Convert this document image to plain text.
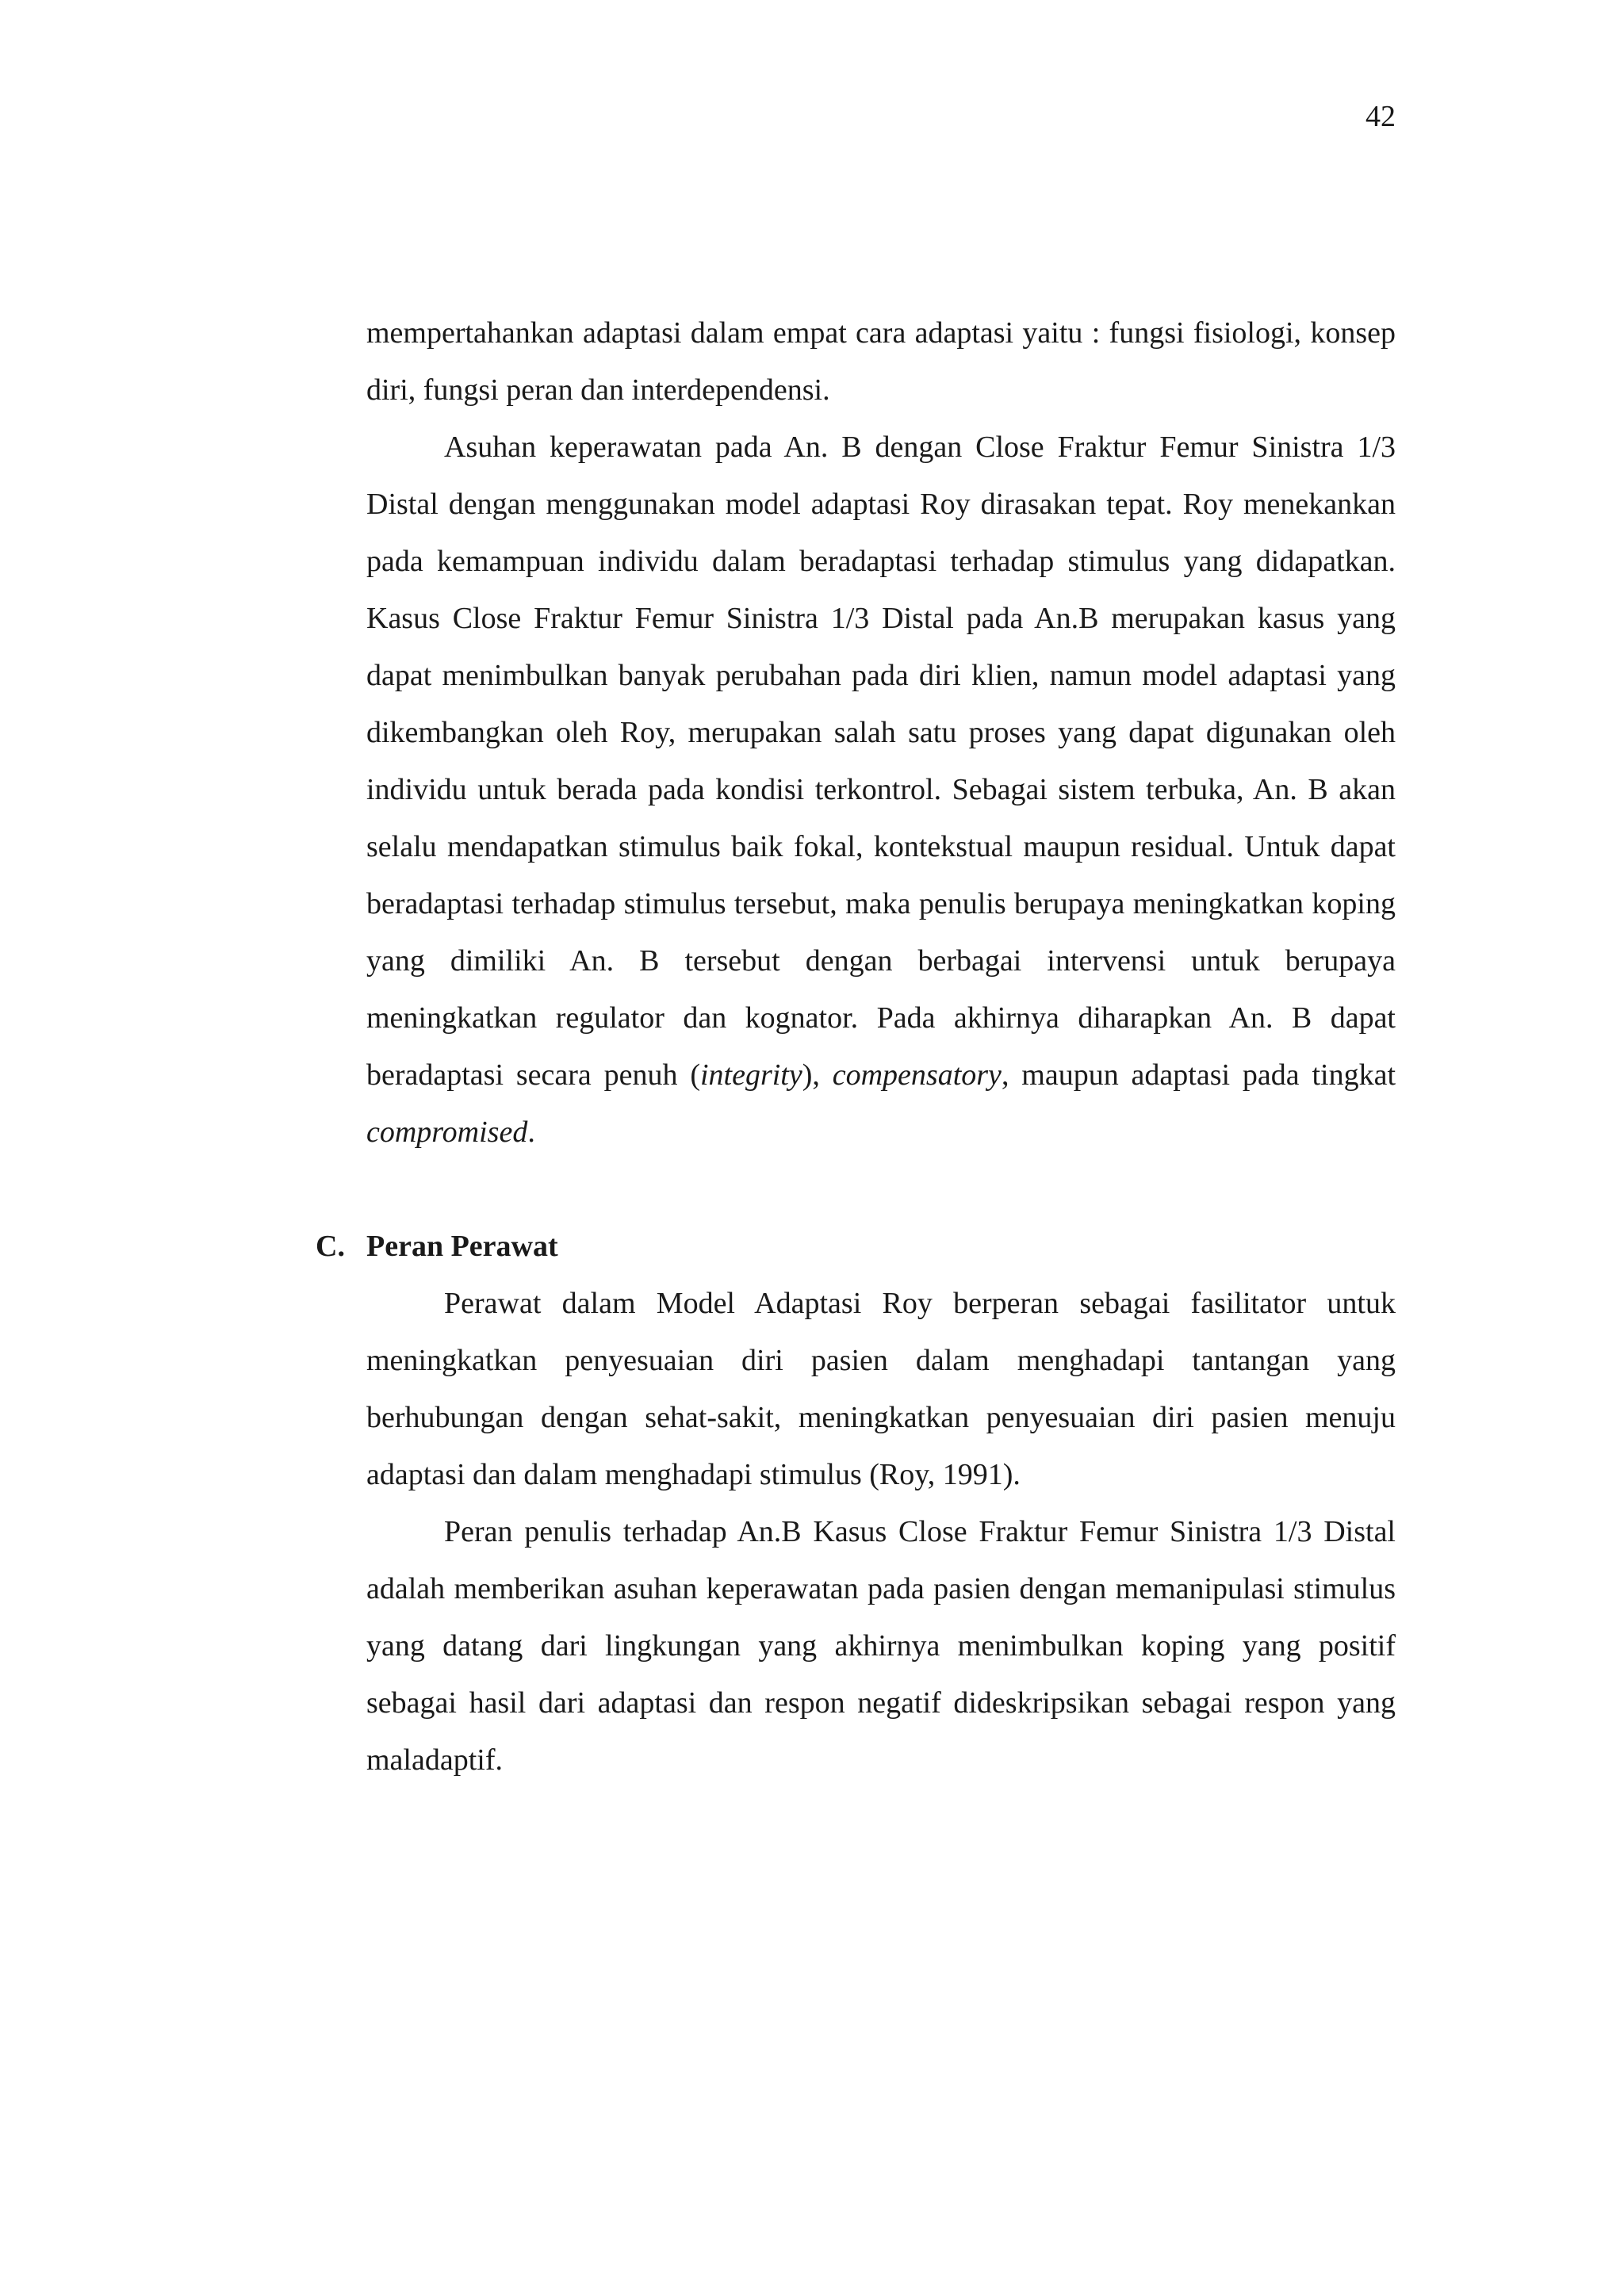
42

mempertahankan adaptasi dalam empat cara adaptasi yaitu : fungsi fisiologi, konsep diri, fungsi peran dan interdependensi.

Asuhan keperawatan pada An. B dengan Close Fraktur Femur Sinistra 1/3 Distal dengan menggunakan model adaptasi Roy dirasakan tepat. Roy menekankan pada kemampuan individu dalam beradaptasi terhadap stimulus yang didapatkan. Kasus Close Fraktur Femur Sinistra 1/3 Distal pada An.B merupakan kasus yang dapat menimbulkan banyak perubahan pada diri klien, namun model adaptasi yang dikembangkan oleh Roy, merupakan salah satu proses yang dapat digunakan oleh individu untuk berada pada kondisi terkontrol. Sebagai sistem terbuka, An. B akan selalu mendapatkan stimulus baik fokal, kontekstual maupun residual. Untuk dapat beradaptasi terhadap stimulus tersebut, maka penulis berupaya meningkatkan koping yang dimiliki An. B tersebut dengan berbagai intervensi untuk berupaya meningkatkan regulator dan kognator. Pada akhirnya diharapkan An. B dapat beradaptasi secara penuh (integrity), compensatory, maupun adaptasi pada tingkat compromised.

C. Peran Perawat

Perawat dalam Model Adaptasi Roy berperan sebagai fasilitator untuk meningkatkan penyesuaian diri pasien dalam menghadapi tantangan yang berhubungan dengan sehat-sakit, meningkatkan penyesuaian diri pasien menuju adaptasi dan dalam menghadapi stimulus (Roy, 1991).

Peran penulis terhadap An.B Kasus Close Fraktur Femur Sinistra 1/3 Distal adalah memberikan asuhan keperawatan pada pasien dengan memanipulasi stimulus yang datang dari lingkungan yang akhirnya menimbulkan koping yang positif sebagai hasil dari adaptasi dan respon negatif dideskripsikan sebagai respon yang maladaptif.
